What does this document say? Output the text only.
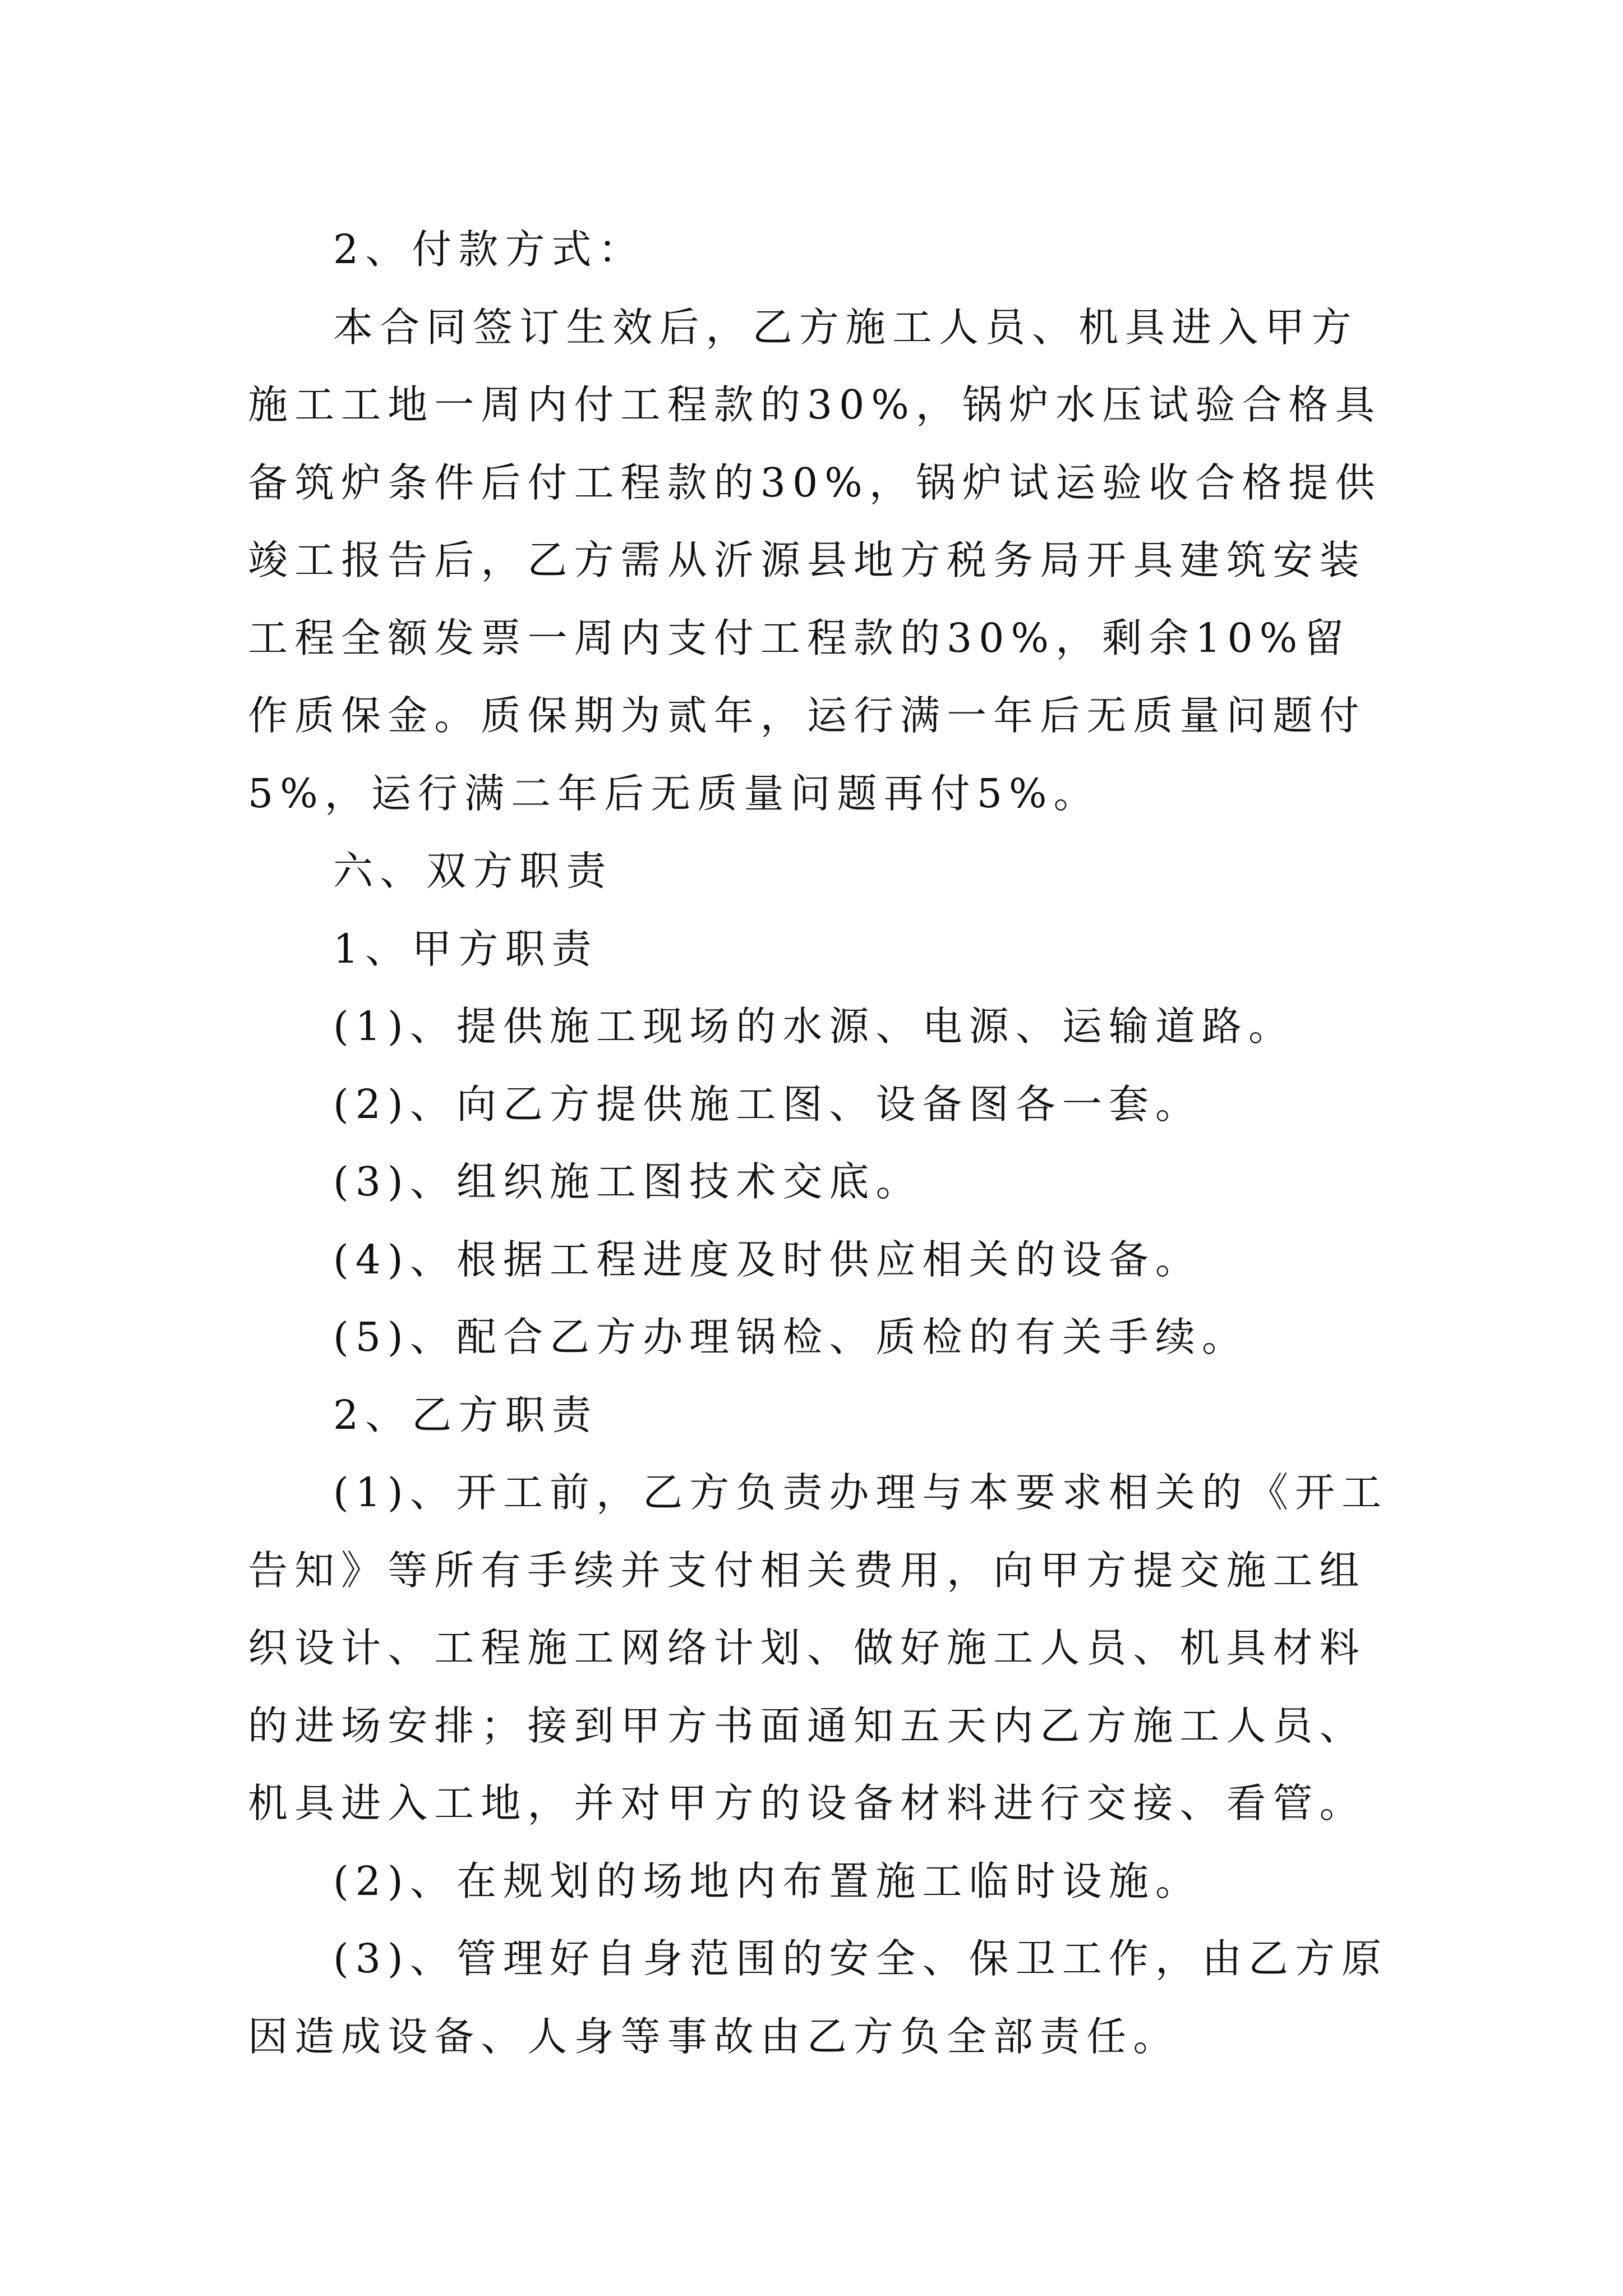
2、付款方式：

本合同签订生效后，乙方施工人员、机具进入甲方施工工地一周内付工程款的30%，锅炉水压试验合格具备筑炉条件后付工程款的30%，锅炉试运验收合格提供竣工报告后，乙方需从沂源县地方税务局开具建筑安装工程全额发票一周内支付工程款的30%，剩余10%留作质保金。质保期为贰年，运行满一年后无质量问题付5%，运行满二年后无质量问题再付5%。

六、双方职责

1、甲方职责

(1)、提供施工现场的水源、电源、运输道路。

(2)、向乙方提供施工图、设备图各一套。

(3)、组织施工图技术交底。

(4)、根据工程进度及时供应相关的设备。

(5)、配合乙方办理锅检、质检的有关手续。

2、乙方职责

(1)、开工前，乙方负责办理与本要求相关的《开工告知》等所有手续并支付相关费用，向甲方提交施工组织设计、工程施工网络计划、做好施工人员、机具材料的进场安排；接到甲方书面通知五天内乙方施工人员、机具进入工地，并对甲方的设备材料进行交接、看管。

(2)、在规划的场地内布置施工临时设施。

(3)、管理好自身范围的安全、保卫工作，由乙方原因造成设备、人身等事故由乙方负全部责任。
